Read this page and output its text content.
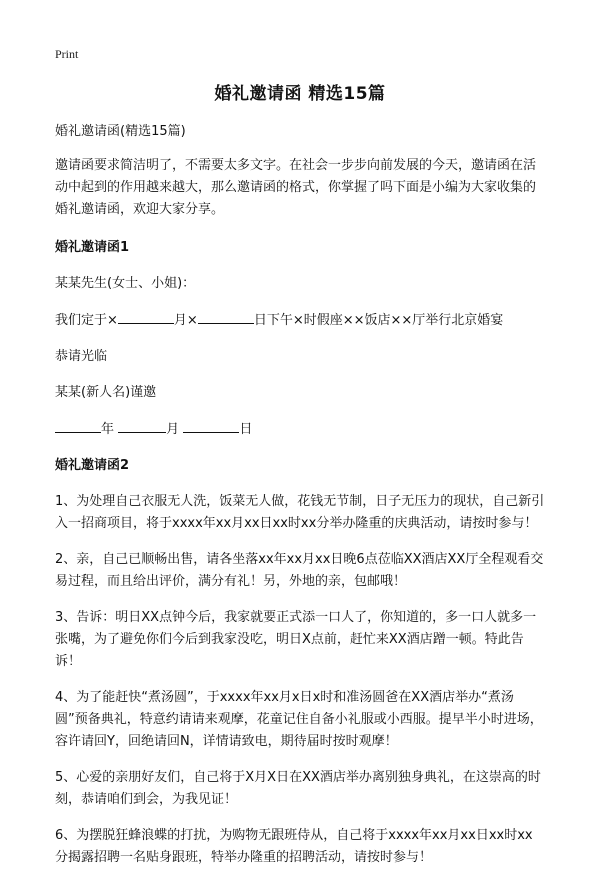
Print
婚礼邀请函 精选15篇

婚礼邀请函(精选15篇)

邀请函要求简洁明了，不需要太多文字。在社会一步步向前发展的今天，邀请函在活动中起到的作用越来越大，那么邀请函的格式，你掌握了吗下面是小编为大家收集的婚礼邀请函，欢迎大家分享。

婚礼邀请函1

某某先生(女士、小姐)：

我们定于×	月×	日下午×时假座××饭店××厅举行北京婚宴

恭请光临

某某(新人名)谨邀

年	月	日

婚礼邀请函2

1、为处理自己衣服无人洗，饭菜无人做，花钱无节制，日子无压力的现状，自己新引入一招商项目，将于xxxx年xx月xx日xx时xx分举办隆重的庆典活动，请按时参与！

2、亲，自己已顺畅出售，请各坐落xx年xx月xx日晚6点莅临XX酒店XX厅全程观看交易过程，而且给出评价，满分有礼！另，外地的亲，包邮哦！

3、告诉：明日XX点钟今后，我家就要正式添一口人了，你知道的，多一口人就多一张嘴，为了避免你们今后到我家没吃，明日X点前，赶忙来XX酒店蹭一顿。特此告诉！

4、为了能赶快“煮汤圆”，于xxxx年xx月x日x时和准汤圆爸在XX酒店举办“煮汤圆”预备典礼，特意约请请来观摩，花童记住自备小礼服或小西服。提早半小时进场，容许请回Y，回绝请回N，详情请致电，期待届时按时观摩！

5、心爱的亲朋好友们，自己将于X月X日在XX酒店举办离别独身典礼，在这崇高的时刻，恭请咱们到会，为我见证！

6、为摆脱狂蜂浪蝶的打扰，为购物无跟班侍从，自己将于xxxx年xx月xx日xx时xx分揭露招聘一名贴身跟班，特举办隆重的招聘活动，请按时参与！
